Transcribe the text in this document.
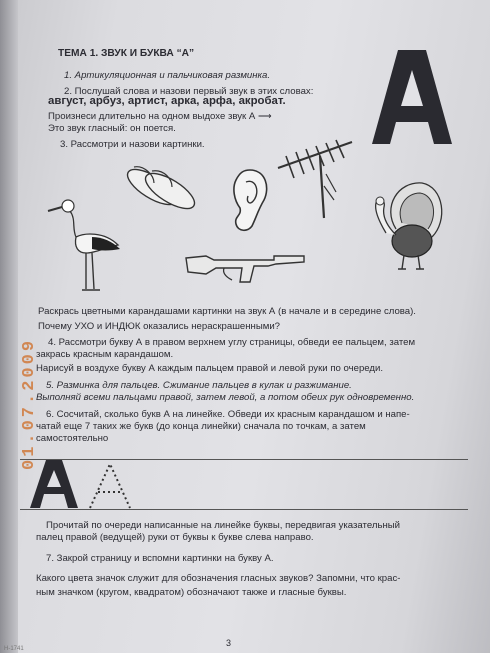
ТЕМА 1. ЗВУК И БУКВА “А”
1. Артикуляционная и пальчиковая разминка.
2. Послушай слова и назови первый звук в этих словах:
август, арбуз, артист, арка, арфа, акробат.
Произнеси длительно на одном выдохе звук А ⟶
Это звук гласный: он поется.
3. Рассмотри и назови картинки.
Раскрась цветными карандашами картинки на звук А (в начале и в середине слова).
Почему УХО и ИНДЮК оказались нераскрашенными?
4. Рассмотри букву А в правом верхнем углу страницы, обведи ее пальцем, затем
закрась красным карандашом.
Нарисуй в воздухе букву А каждым пальцем правой и левой руки по очереди.
5. Разминка для пальцев. Сжимание пальцев в кулак и разжимание.
Выполняй всеми пальцами правой, затем левой, а потом обеих рук одновременно.
6. Сосчитай, сколько букв А на линейке. Обведи их красным карандашом и напе-
чатай еще 7 таких же букв (до конца линейки) сначала по точкам, а затем
самостоятельно
01.07.2009
Прочитай по очереди написанные на линейке буквы, передвигая указательный
палец правой (ведущей) руки от буквы к букве слева направо.
7. Закрой страницу и вспомни картинки на букву А.
Какого цвета значок служит для обозначения гласных звуков? Запомни, что крас-
ным значком (кругом, квадратом) обозначают также и гласные буквы.
3
Н-1741
